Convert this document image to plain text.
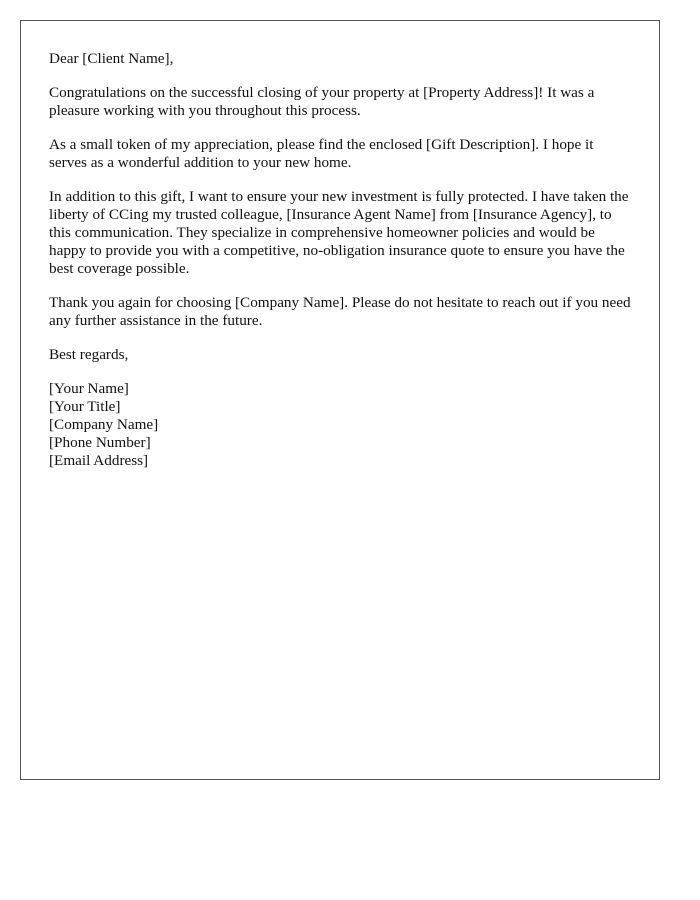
Dear [Client Name],

Congratulations on the successful closing of your property at [Property Address]! It was a pleasure working with you throughout this process.

As a small token of my appreciation, please find the enclosed [Gift Description]. I hope it serves as a wonderful addition to your new home.

In addition to this gift, I want to ensure your new investment is fully protected. I have taken the liberty of CCing my trusted colleague, [Insurance Agent Name] from [Insurance Agency], to this communication. They specialize in comprehensive homeowner policies and would be happy to provide you with a competitive, no-obligation insurance quote to ensure you have the best coverage possible.

Thank you again for choosing [Company Name]. Please do not hesitate to reach out if you need any further assistance in the future.

Best regards,

[Your Name]
[Your Title]
[Company Name]
[Phone Number]
[Email Address]
